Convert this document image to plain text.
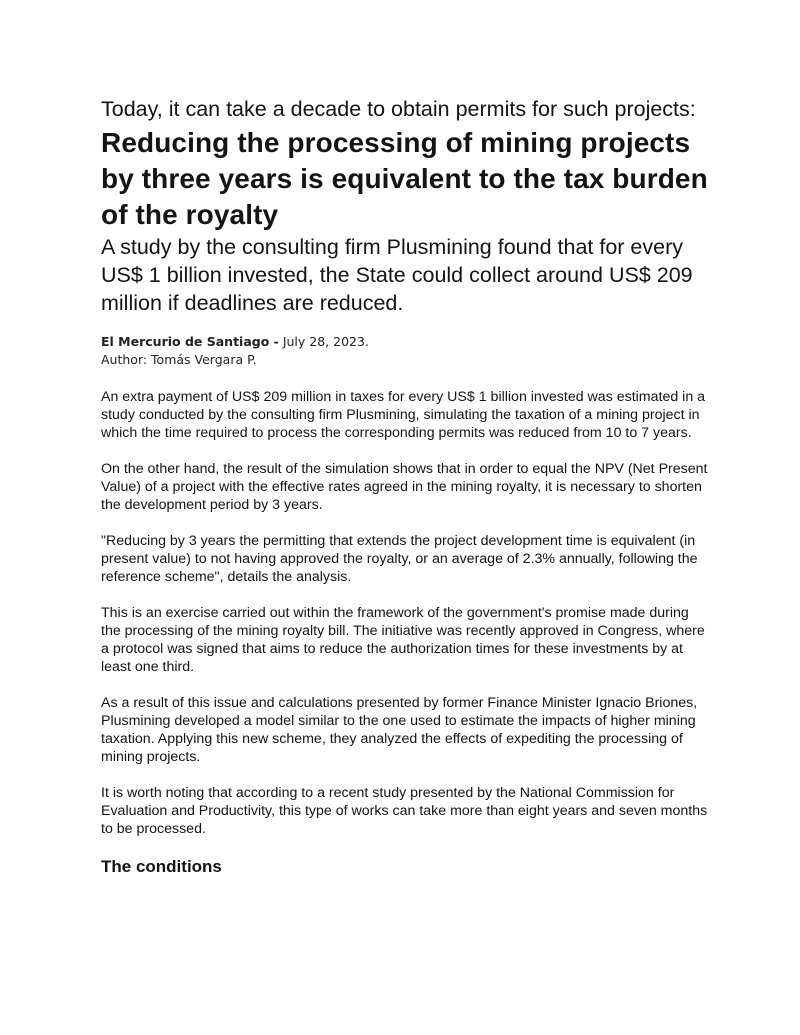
Today, it can take a decade to obtain permits for such projects:

Reducing the processing of mining projects by three years is equivalent to the tax burden of the royalty

A study by the consulting firm Plusmining found that for every US$ 1 billion invested, the State could collect around US$ 209 million if deadlines are reduced.

El Mercurio de Santiago - July 28, 2023.
Author: Tomás Vergara P.

An extra payment of US$ 209 million in taxes for every US$ 1 billion invested was estimated in a study conducted by the consulting firm Plusmining, simulating the taxation of a mining project in which the time required to process the corresponding permits was reduced from 10 to 7 years.

On the other hand, the result of the simulation shows that in order to equal the NPV (Net Present Value) of a project with the effective rates agreed in the mining royalty, it is necessary to shorten the development period by 3 years.

"Reducing by 3 years the permitting that extends the project development time is equivalent (in present value) to not having approved the royalty, or an average of 2.3% annually, following the reference scheme", details the analysis.

This is an exercise carried out within the framework of the government's promise made during the processing of the mining royalty bill. The initiative was recently approved in Congress, where a protocol was signed that aims to reduce the authorization times for these investments by at least one third.

As a result of this issue and calculations presented by former Finance Minister Ignacio Briones, Plusmining developed a model similar to the one used to estimate the impacts of higher mining taxation. Applying this new scheme, they analyzed the effects of expediting the processing of mining projects.

It is worth noting that according to a recent study presented by the National Commission for Evaluation and Productivity, this type of works can take more than eight years and seven months to be processed.

The conditions
